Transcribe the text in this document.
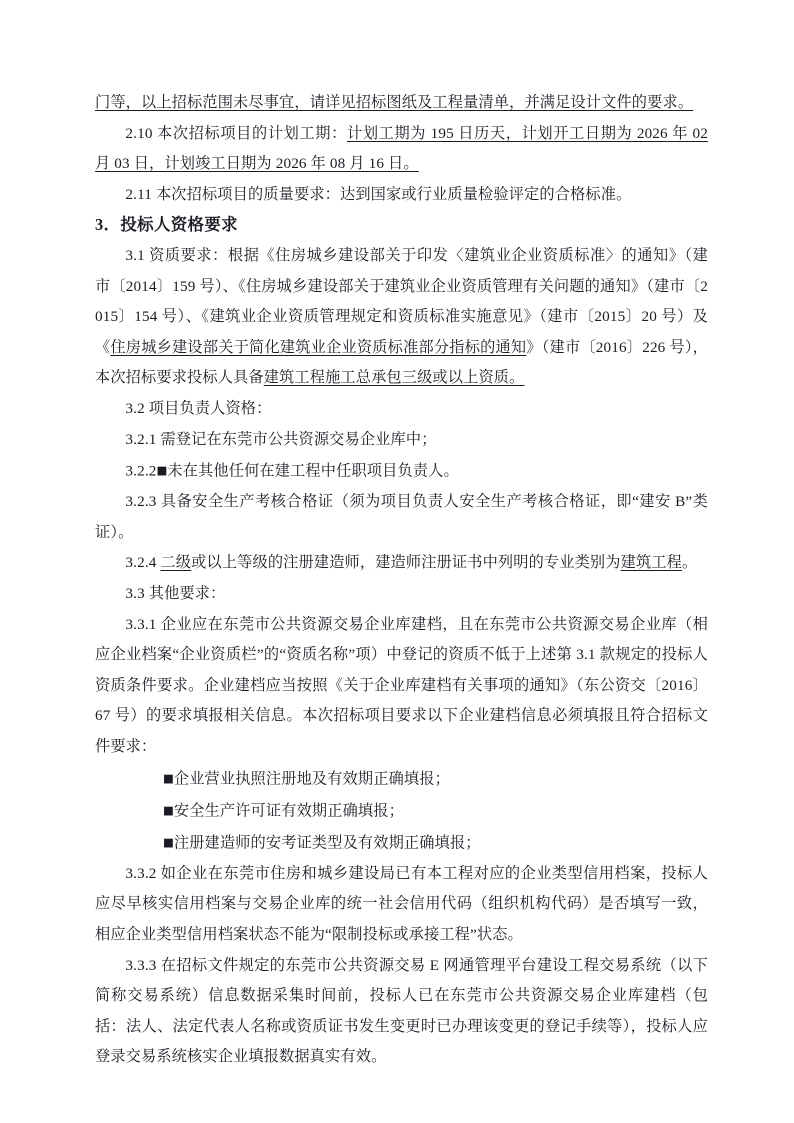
门等，以上招标范围未尽事宜，请详见招标图纸及工程量清单，并满足设计文件的要求。

2.10 本次招标项目的计划工期：计划工期为 195 日历天，计划开工日期为 2026 年 02 月 03 日，计划竣工日期为 2026 年 08 月 16 日。

2.11 本次招标项目的质量要求：达到国家或行业质量检验评定的合格标准。

3．投标人资格要求

3.1 资质要求：根据《住房城乡建设部关于印发〈建筑业企业资质标准〉的通知》（建市〔2014〕159 号）、《住房城乡建设部关于建筑业企业资质管理有关问题的通知》（建市〔2015〕154 号）、《建筑业企业资质管理规定和资质标准实施意见》（建市〔2015〕20 号）及《住房城乡建设部关于简化建筑业企业资质标准部分指标的通知》（建市〔2016〕226 号），本次招标要求投标人具备建筑工程施工总承包三级或以上资质。

3.2 项目负责人资格：

3.2.1 需登记在东莞市公共资源交易企业库中；

3.2.2■未在其他任何在建工程中任职项目负责人。

3.2.3 具备安全生产考核合格证（须为项目负责人安全生产考核合格证，即“建安 B”类证）。

3.2.4 二级或以上等级的注册建造师，建造师注册证书中列明的专业类别为建筑工程。

3.3 其他要求：

3.3.1 企业应在东莞市公共资源交易企业库建档，且在东莞市公共资源交易企业库（相应企业档案“企业资质栏”的“资质名称”项）中登记的资质不低于上述第 3.1 款规定的投标人资质条件要求。企业建档应当按照《关于企业库建档有关事项的通知》（东公资交〔2016〕67 号）的要求填报相关信息。本次招标项目要求以下企业建档信息必须填报且符合招标文件要求：

■企业营业执照注册地及有效期正确填报；

■安全生产许可证有效期正确填报；

■注册建造师的安考证类型及有效期正确填报；

3.3.2 如企业在东莞市住房和城乡建设局已有本工程对应的企业类型信用档案，投标人应尽早核实信用档案与交易企业库的统一社会信用代码（组织机构代码）是否填写一致，相应企业类型信用档案状态不能为“限制投标或承接工程”状态。

3.3.3 在招标文件规定的东莞市公共资源交易 E 网通管理平台建设工程交易系统（以下简称交易系统）信息数据采集时间前，投标人已在东莞市公共资源交易企业库建档（包括：法人、法定代表人名称或资质证书发生变更时已办理该变更的登记手续等），投标人应登录交易系统核实企业填报数据真实有效。
